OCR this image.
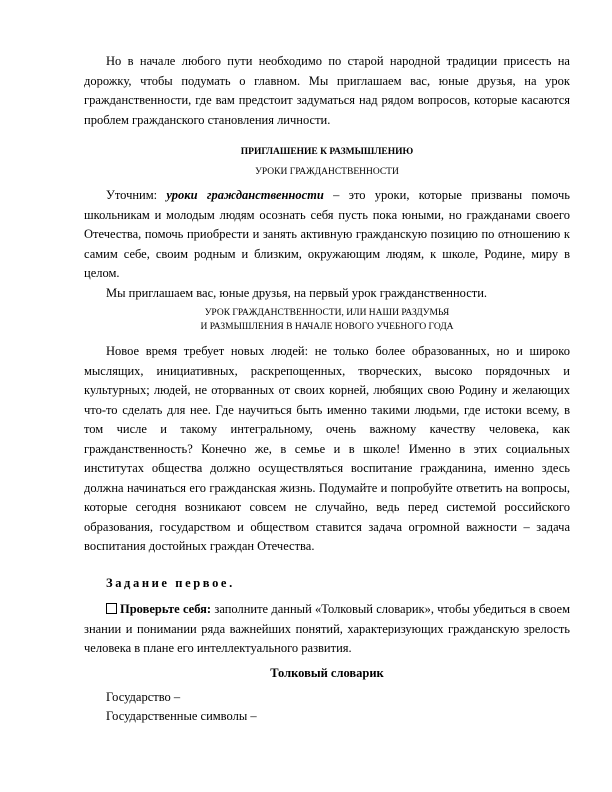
Но в начале любого пути необходимо по старой народной традиции присесть на дорожку, чтобы подумать о главном. Мы приглашаем вас, юные друзья, на урок гражданственности, где вам предстоит задуматься над рядом вопросов, которые касаются проблем гражданского становления личности.

ПРИГЛАШЕНИЕ К РАЗМЫШЛЕНИЮ

УРОКИ ГРАЖДАНСТВЕННОСТИ

Уточним: уроки гражданственности – это уроки, которые призваны помочь школьникам и молодым людям осознать себя пусть пока юными, но гражданами своего Отечества, помочь приобрести и занять активную гражданскую позицию по отношению к самим себе, своим родным и близким, окружающим людям, к школе, Родине, миру в целом.

Мы приглашаем вас, юные друзья, на первый урок гражданственности.

УРОК ГРАЖДАНСТВЕННОСТИ, ИЛИ НАШИ РАЗДУМЬЯ

И РАЗМЫШЛЕНИЯ В НАЧАЛЕ НОВОГО УЧЕБНОГО ГОДА

Новое время требует новых людей: не только более образованных, но и широко мыслящих, инициативных, раскрепощенных, творческих, высоко порядочных и культурных; людей, не оторванных от своих корней, любящих свою Родину и желающих что-то сделать для нее. Где научиться быть именно такими людьми, где истоки всему, в том числе и такому интегральному, очень важному качеству человека, как гражданственность? Конечно же, в семье и в школе! Именно в этих социальных институтах общества должно осуществляться воспитание гражданина, именно здесь должна начинаться его гражданская жизнь. Подумайте и попробуйте ответить на вопросы, которые сегодня возникают совсем не случайно, ведь перед системой российского образования, государством и обществом ставится задача огромной важности – задача воспитания достойных граждан Отечества.

Задание первое.

Проверьте себя: заполните данный «Толковый словарик», чтобы убедиться в своем знании и понимании ряда важнейших понятий, характеризующих гражданскую зрелость человека в плане его интеллектуального развития.

Толковый словарик

Государство –

Государственные символы –
